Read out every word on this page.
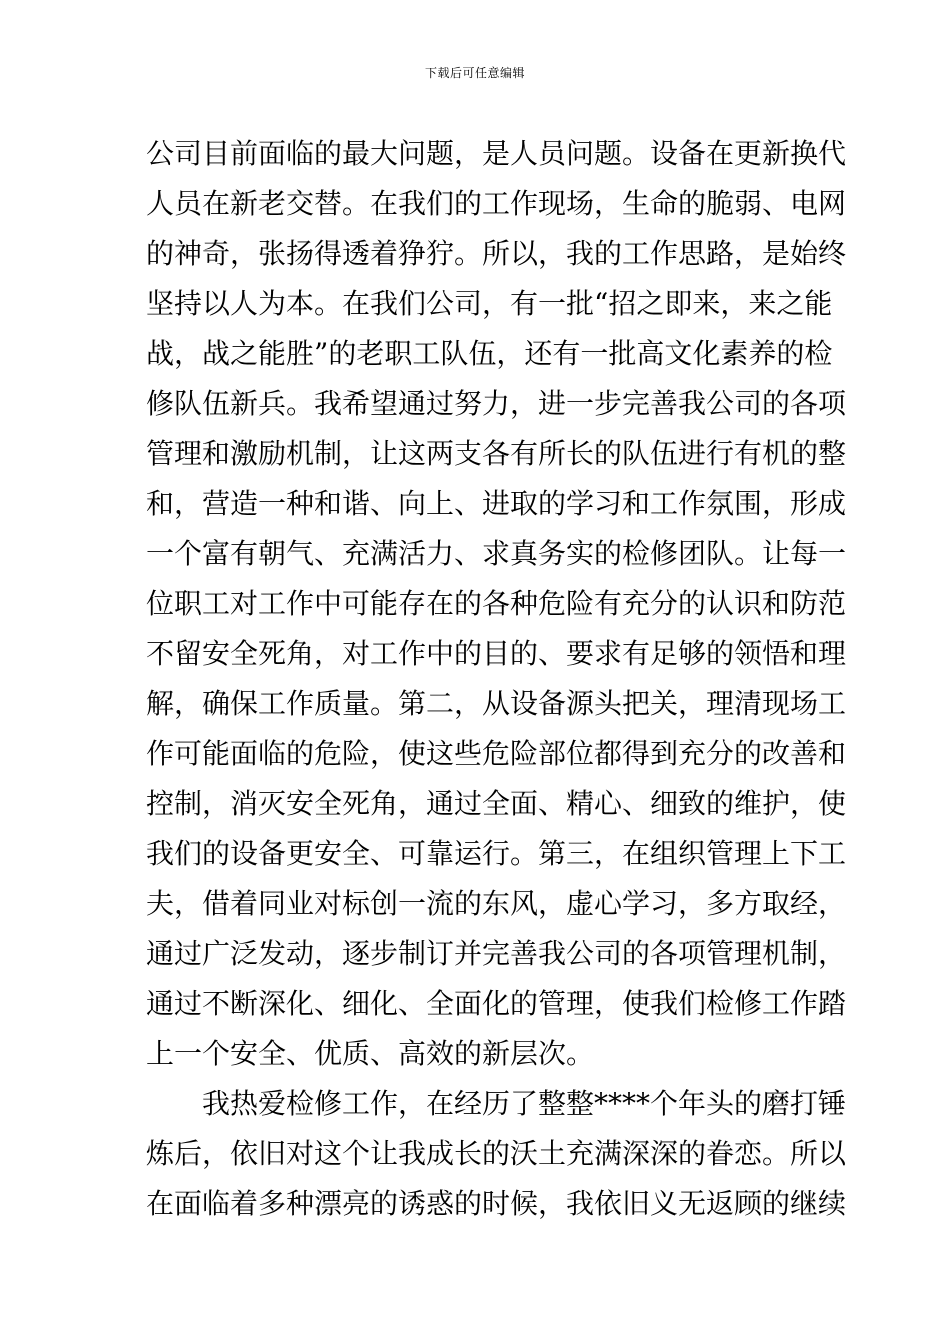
下载后可任意编辑
公司目前面临的最大问题，是人员问题。设备在更新换代
人员在新老交替。在我们的工作现场，生命的脆弱、电网
的神奇，张扬得透着狰狞。所以，我的工作思路，是始终
坚持以人为本。在我们公司，有一批“招之即来，来之能
战，战之能胜”的老职工队伍，还有一批高文化素养的检
修队伍新兵。我希望通过努力，进一步完善我公司的各项
管理和激励机制，让这两支各有所长的队伍进行有机的整
和，营造一种和谐、向上、进取的学习和工作氛围，形成
一个富有朝气、充满活力、求真务实的检修团队。让每一
位职工对工作中可能存在的各种危险有充分的认识和防范
不留安全死角，对工作中的目的、要求有足够的领悟和理
解，确保工作质量。第二，从设备源头把关，理清现场工
作可能面临的危险，使这些危险部位都得到充分的改善和
控制，消灭安全死角，通过全面、精心、细致的维护，使
我们的设备更安全、可靠运行。第三，在组织管理上下工
夫，借着同业对标创一流的东风，虚心学习，多方取经，
通过广泛发动，逐步制订并完善我公司的各项管理机制，
通过不断深化、细化、全面化的管理，使我们检修工作踏
上一个安全、优质、高效的新层次。
我热爱检修工作，在经历了整整****个年头的磨打锤
炼后，依旧对这个让我成长的沃土充满深深的眷恋。所以
在面临着多种漂亮的诱惑的时候，我依旧义无返顾的继续
